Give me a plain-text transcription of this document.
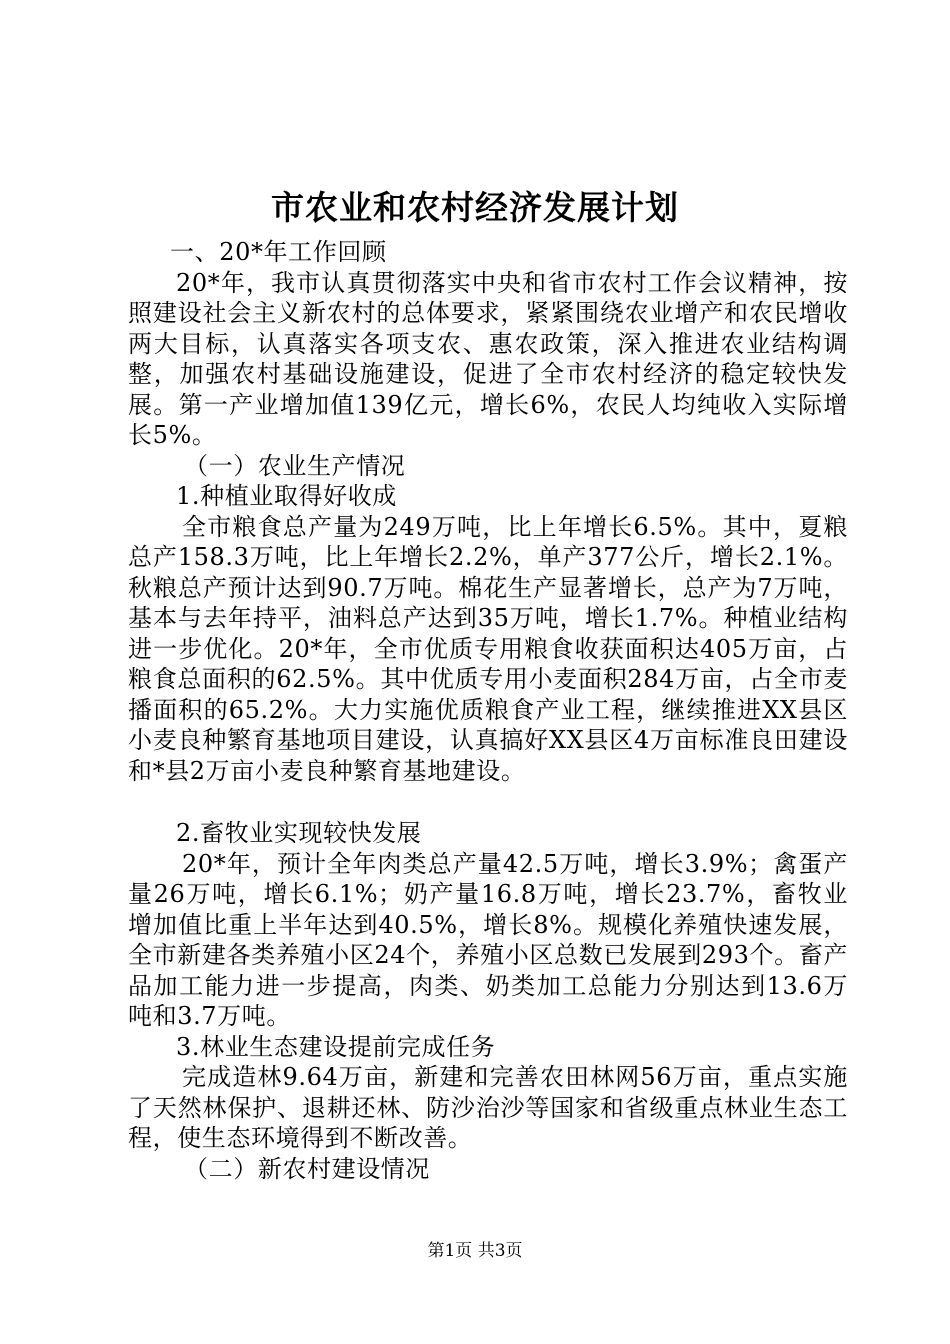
市农业和农村经济发展计划

一、20*年工作回顾

20*年，我市认真贯彻落实中央和省市农村工作会议精神，按照建设社会主义新农村的总体要求，紧紧围绕农业增产和农民增收两大目标，认真落实各项支农、惠农政策，深入推进农业结构调整，加强农村基础设施建设，促进了全市农村经济的稳定较快发展。第一产业增加值139亿元，增长6%，农民人均纯收入实际增长5%。

（一）农业生产情况

1.种植业取得好收成

全市粮食总产量为249万吨，比上年增长6.5%。其中，夏粮总产158.3万吨，比上年增长2.2%，单产377公斤，增长2.1%。秋粮总产预计达到90.7万吨。棉花生产显著增长，总产为7万吨，基本与去年持平，油料总产达到35万吨，增长1.7%。种植业结构进一步优化。20*年，全市优质专用粮食收获面积达405万亩，占粮食总面积的62.5%。其中优质专用小麦面积284万亩，占全市麦播面积的65.2%。大力实施优质粮食产业工程，继续推进XX县区小麦良种繁育基地项目建设，认真搞好XX县区4万亩标准良田建设和*县2万亩小麦良种繁育基地建设。

2.畜牧业实现较快发展

20*年，预计全年肉类总产量42.5万吨，增长3.9%；禽蛋产量26万吨，增长6.1%；奶产量16.8万吨，增长23.7%，畜牧业增加值比重上半年达到40.5%，增长8%。规模化养殖快速发展，全市新建各类养殖小区24个，养殖小区总数已发展到293个。畜产品加工能力进一步提高，肉类、奶类加工总能力分别达到13.6万吨和3.7万吨。

3.林业生态建设提前完成任务

完成造林9.64万亩，新建和完善农田林网56万亩，重点实施了天然林保护、退耕还林、防沙治沙等国家和省级重点林业生态工程，使生态环境得到不断改善。

（二）新农村建设情况

第1页 共3页
